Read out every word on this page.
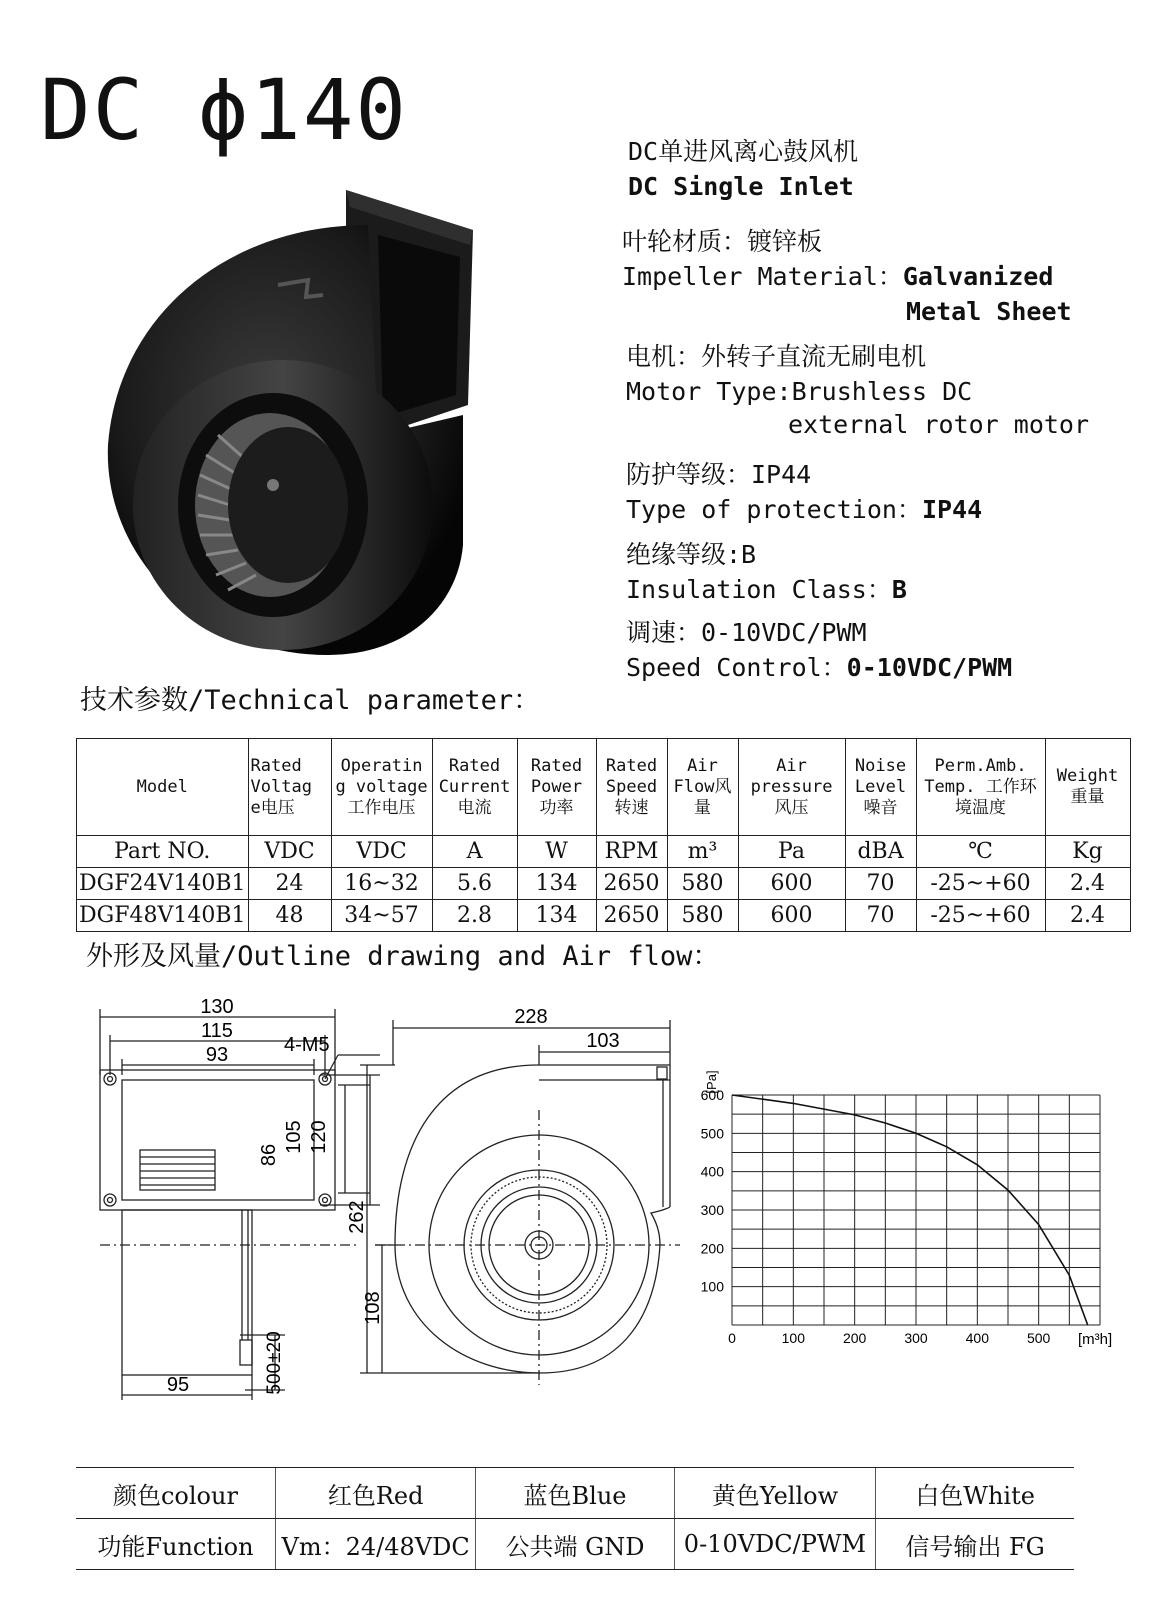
DC ϕ140	DC单进风离心鼓风机
DC Single Inlet
叶轮材质：镀锌板
Impeller Material：Galvanized
Metal Sheet
电机：外转子直流无刷电机
Motor Type:Brushless DC
external rotor motor
防护等级：IP44
Type of protection：IP44
绝缘等级:B
Insulation Class：B
调速：0-10VDC/PWM
Speed Control：0-10VDC/PWM
技术参数/Technical parameter：
Model	Rated Voltag e电压	Operatin g voltage 工作电压	Rated Current 电流	Rated Power 功率	Rated Speed 转速	Air Flow风 量	Air pressure 风压	Noise Level 噪音	Perm.Amb. Temp. 工作环境温度	Weight 重量
Part NO.	VDC	VDC	A	W	RPM	m³	Pa	dBA	℃	Kg
DGF24V140B1	24	16~32	5.6	134	2650	580	600	70	-25~+60	2.4
DGF48V140B1	48	34~57	2.8	134	2650	580	600	70	-25~+60	2.4
外形及风量/Outline drawing and Air flow：
130
115
93	4-M5
86
105 120
500±20
95
228
103
262
108
100
200
300
400
500
600
0	100	200	300	400	500
[Pa]
[m³h]
颜色colour	红色Red	蓝色Blue	黄色Yellow	白色White
功能Function	Vm：24/48VDC	公共端 GND	0-10VDC/PWM	信号输出 FG
